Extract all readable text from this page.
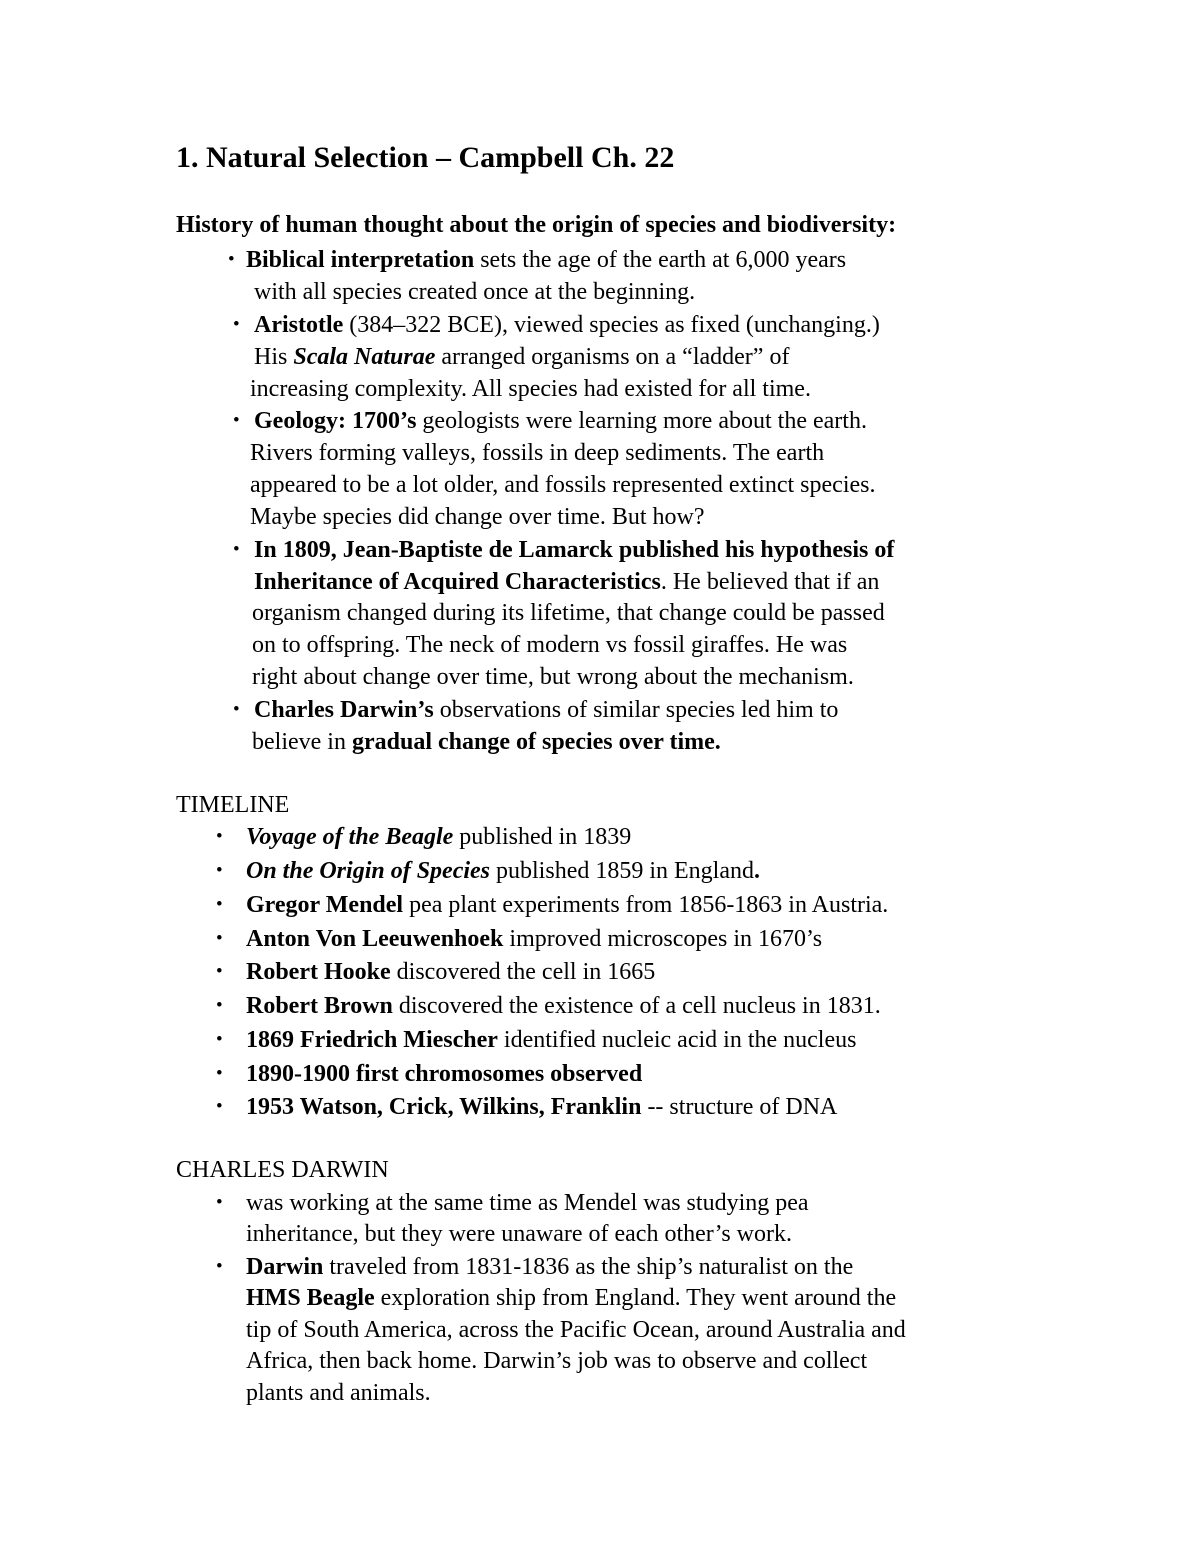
1. Natural Selection – Campbell Ch. 22

History of human thought about the origin of species and biodiversity:

• Biblical interpretation sets the age of the earth at 6,000 years

with all species created once at the beginning.

• Aristotle (384–322 BCE), viewed species as fixed (unchanging.)

His Scala Naturae arranged organisms on a “ladder” of

increasing complexity. All species had existed for all time.

• Geology: 1700’s geologists were learning more about the earth.

Rivers forming valleys, fossils in deep sediments. The earth

appeared to be a lot older, and fossils represented extinct species.

Maybe species did change over time. But how?

• In 1809, Jean-Baptiste de Lamarck published his hypothesis of

Inheritance of Acquired Characteristics. He believed that if an

organism changed during its lifetime, that change could be passed

on to offspring. The neck of modern vs fossil giraffes. He was

right about change over time, but wrong about the mechanism.

• Charles Darwin’s observations of similar species led him to

believe in gradual change of species over time.

TIMELINE

• Voyage of the Beagle published in 1839

• On the Origin of Species published 1859 in England.

• Gregor Mendel pea plant experiments from 1856-1863 in Austria.

• Anton Von Leeuwenhoek improved microscopes in 1670’s

• Robert Hooke discovered the cell in 1665

• Robert Brown discovered the existence of a cell nucleus in 1831.

• 1869 Friedrich Miescher identified nucleic acid in the nucleus

• 1890-1900 first chromosomes observed

• 1953 Watson, Crick, Wilkins, Franklin -- structure of DNA

CHARLES DARWIN

• was working at the same time as Mendel was studying pea

inheritance, but they were unaware of each other’s work.

• Darwin traveled from 1831-1836 as the ship’s naturalist on the

HMS Beagle exploration ship from England. They went around the

tip of South America, across the Pacific Ocean, around Australia and

Africa, then back home. Darwin’s job was to observe and collect

plants and animals.
